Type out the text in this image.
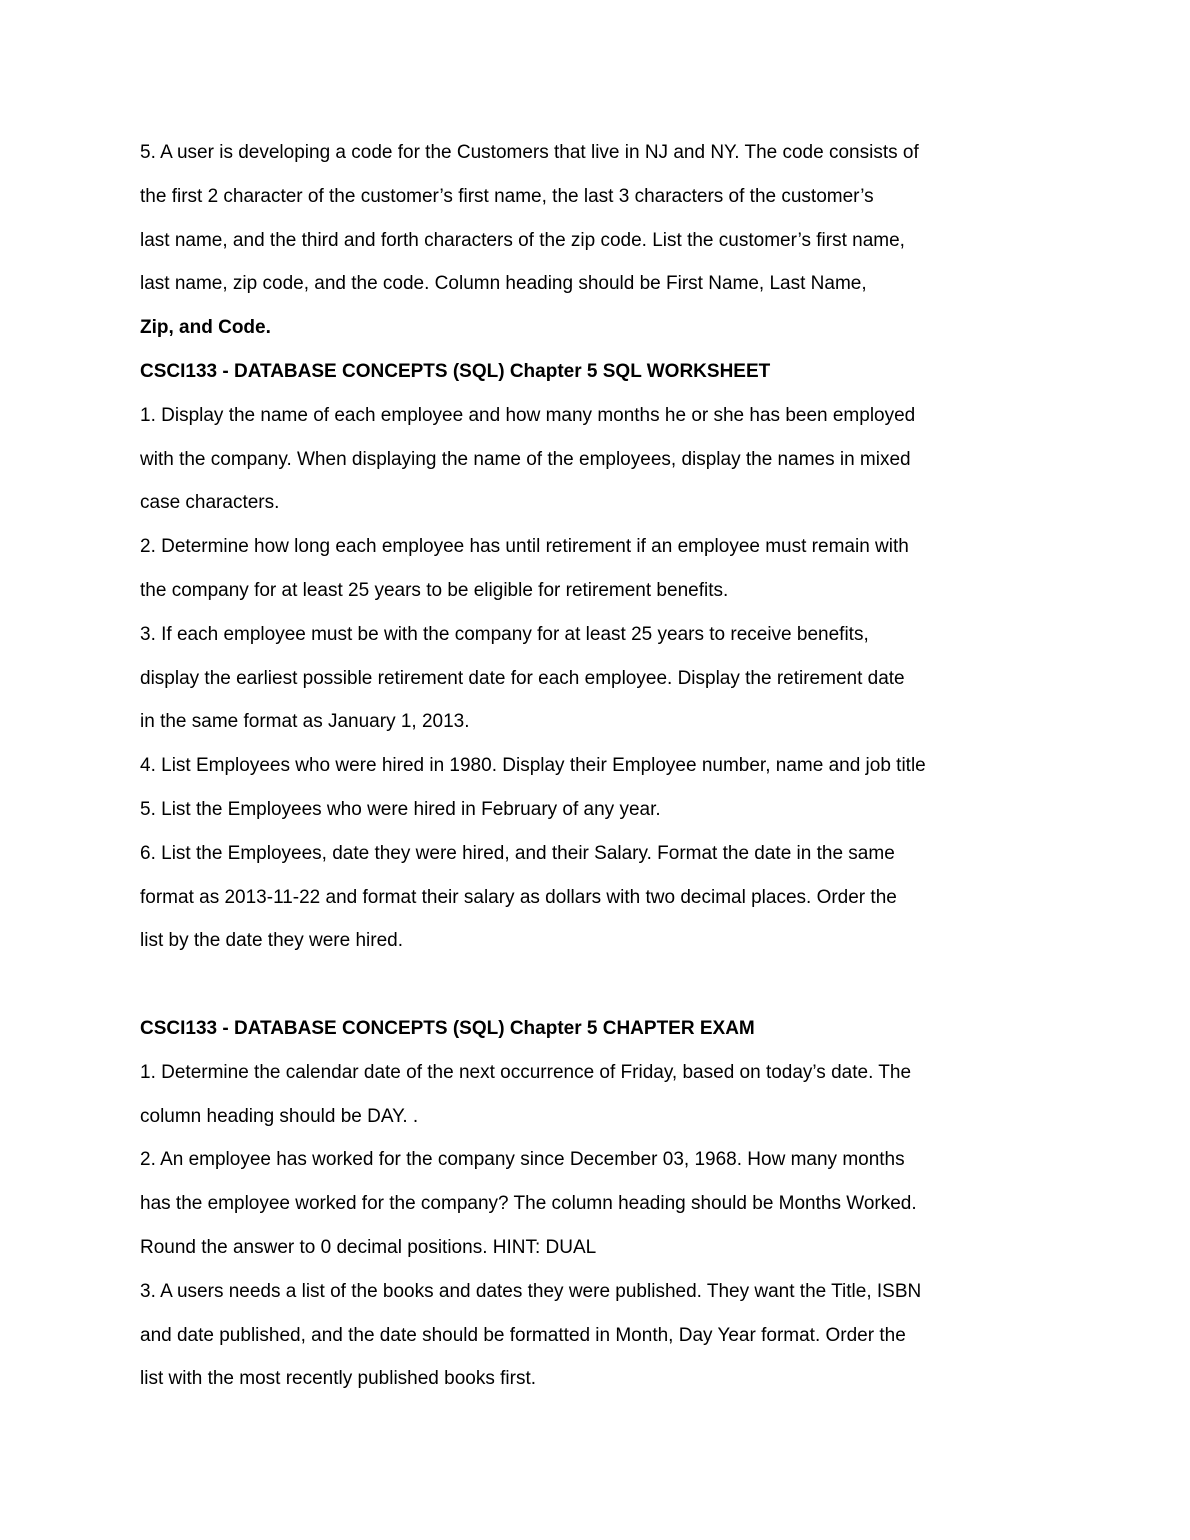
5. A user is developing a code for the Customers that live in NJ and NY. The code consists of
the first 2 character of the customer’s first name, the last 3 characters of the customer’s
last name, and the third and forth characters of the zip code. List the customer’s first name,
last name, zip code, and the code. Column heading should be First Name, Last Name,
Zip, and Code.
CSCI133 - DATABASE CONCEPTS (SQL) Chapter 5 SQL WORKSHEET
1. Display the name of each employee and how many months he or she has been employed
with the company. When displaying the name of the employees, display the names in mixed
case characters.
2. Determine how long each employee has until retirement if an employee must remain with
the company for at least 25 years to be eligible for retirement benefits.
3. If each employee must be with the company for at least 25 years to receive benefits,
display the earliest possible retirement date for each employee. Display the retirement date
in the same format as January 1, 2013.
4. List Employees who were hired in 1980. Display their Employee number, name and job title
5. List the Employees who were hired in February of any year.
6. List the Employees, date they were hired, and their Salary. Format the date in the same
format as 2013-11-22 and format their salary as dollars with two decimal places. Order the
list by the date they were hired.
CSCI133 - DATABASE CONCEPTS (SQL) Chapter 5 CHAPTER EXAM
1. Determine the calendar date of the next occurrence of Friday, based on today’s date. The
column heading should be DAY. .
2. An employee has worked for the company since December 03, 1968. How many months
has the employee worked for the company? The column heading should be Months Worked.
Round the answer to 0 decimal positions. HINT: DUAL
3. A users needs a list of the books and dates they were published. They want the Title, ISBN
and date published, and the date should be formatted in Month, Day Year format. Order the
list with the most recently published books first.
